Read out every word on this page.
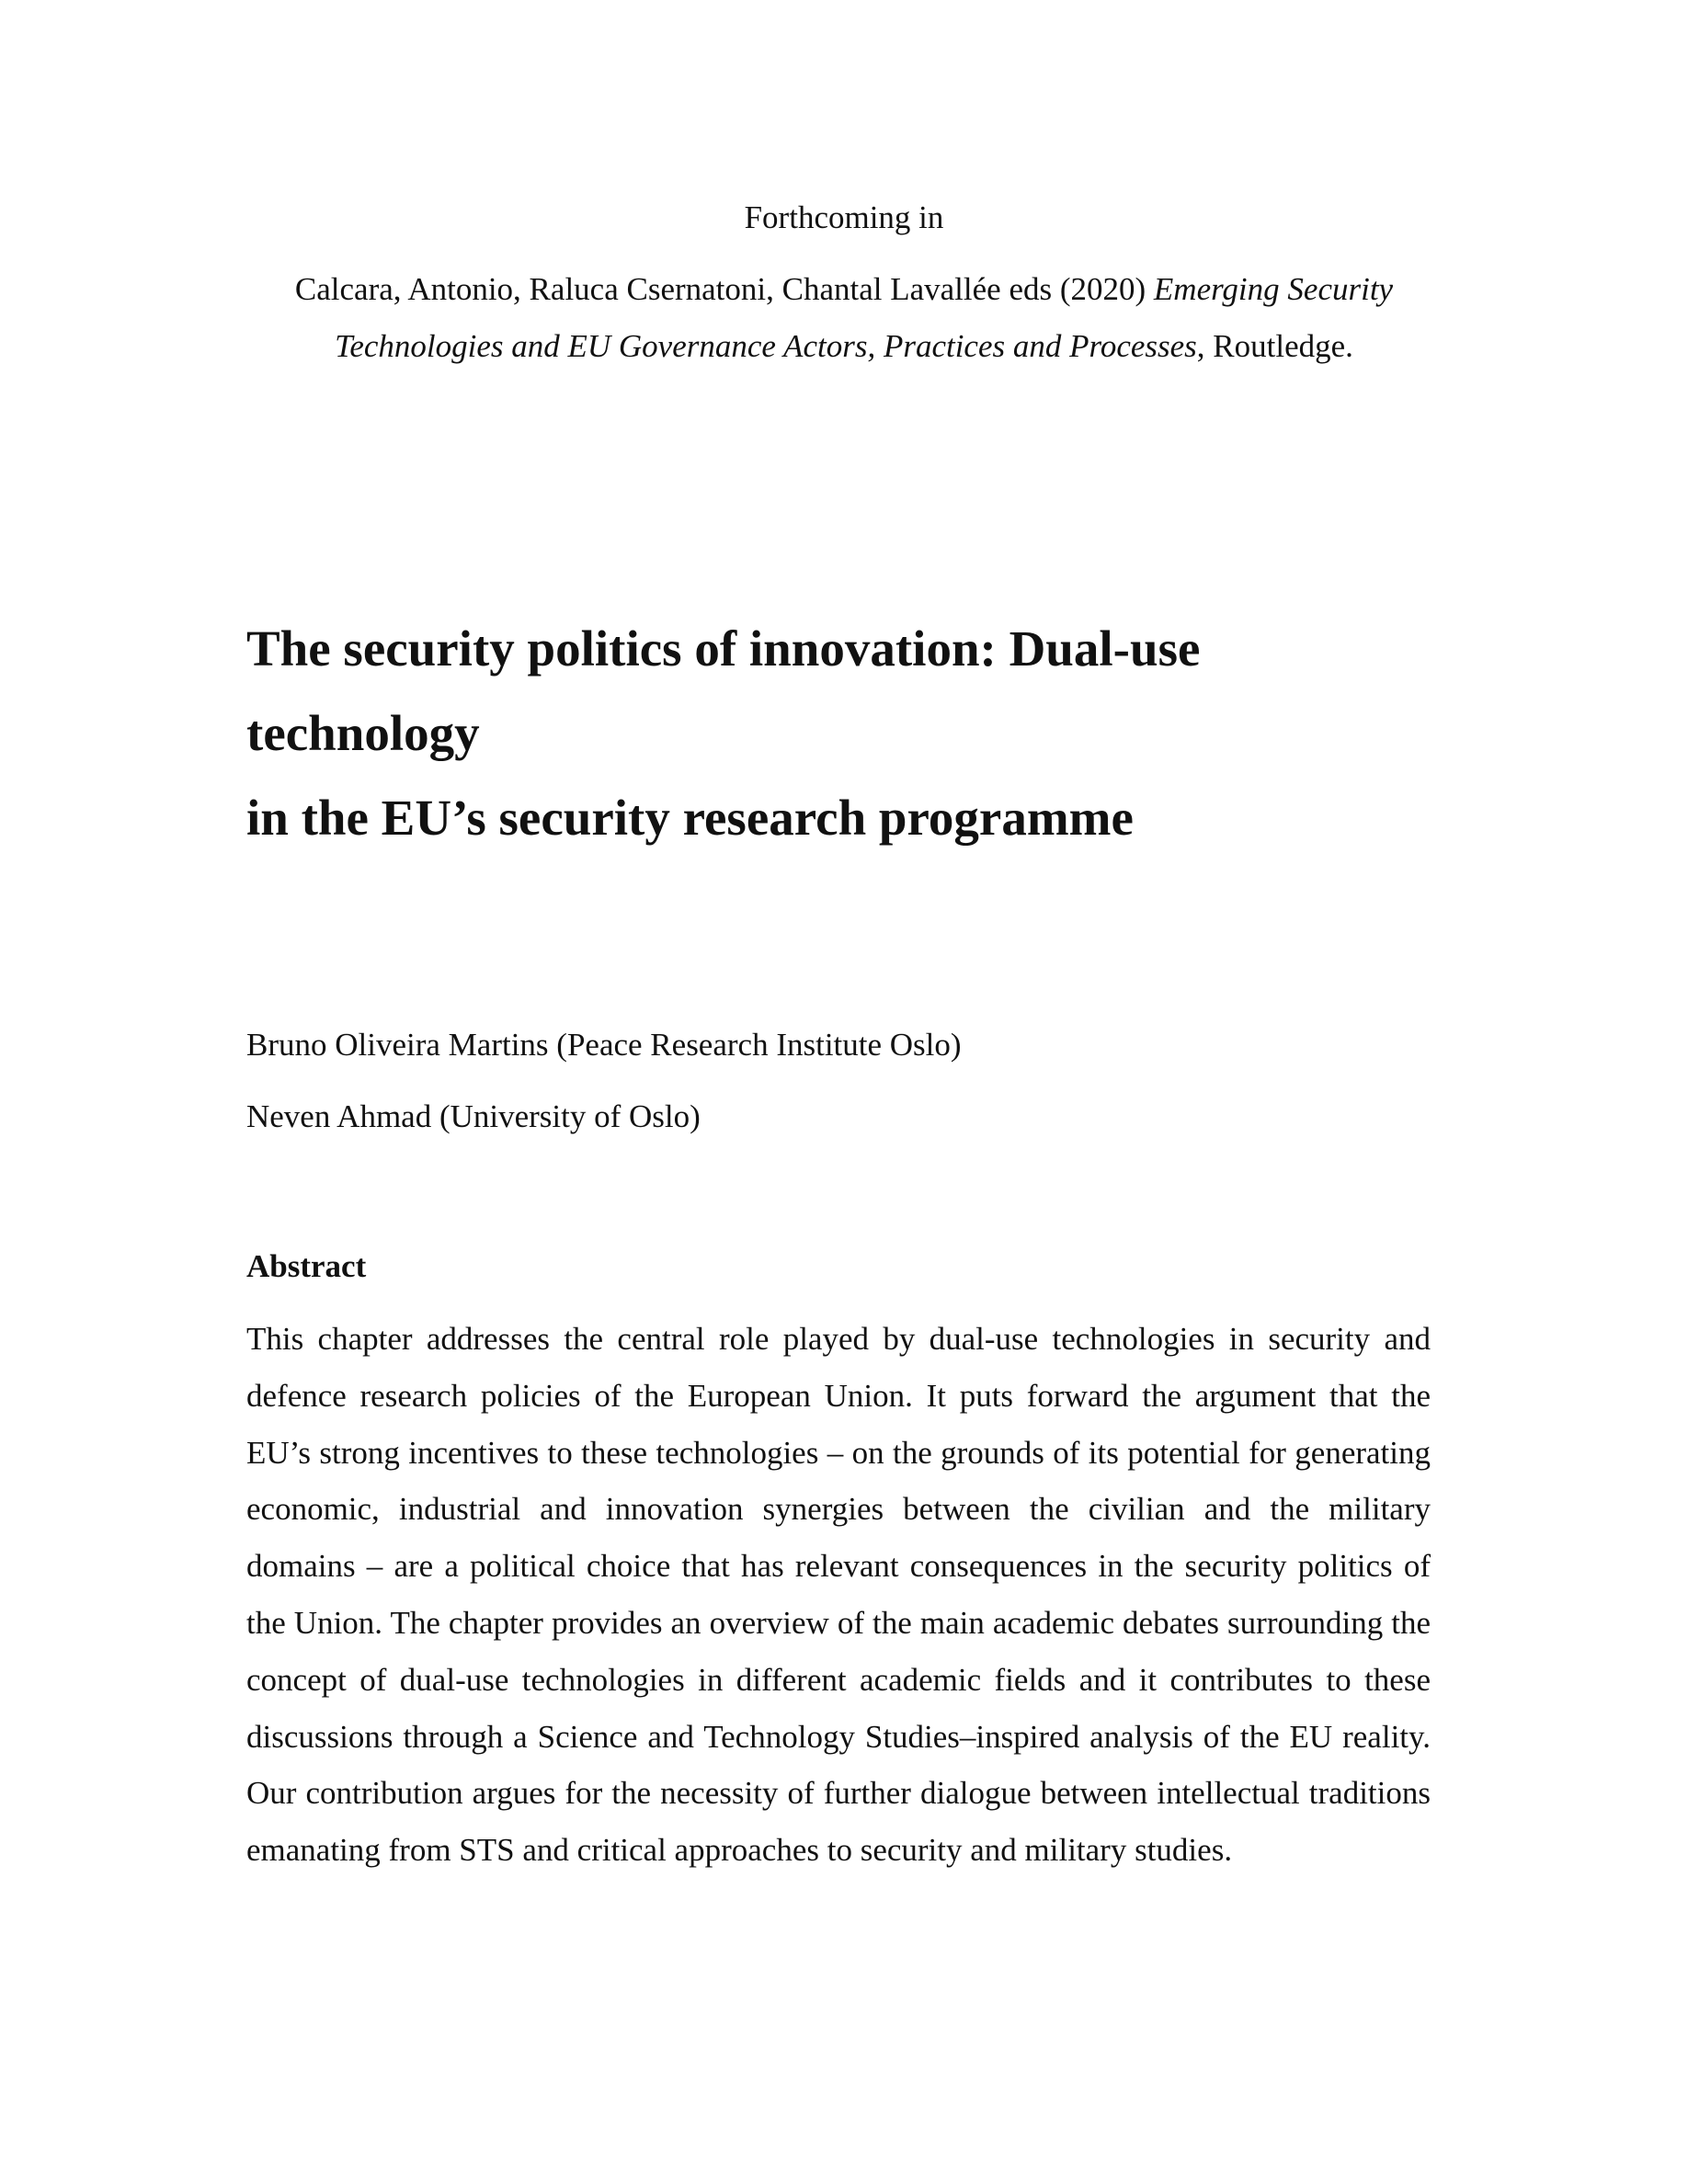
Forthcoming in
Calcara, Antonio, Raluca Csernatoni, Chantal Lavallée eds (2020) Emerging Security
Technologies and EU Governance Actors, Practices and Processes, Routledge.
The security politics of innovation: Dual-use technology
in the EU’s security research programme
Bruno Oliveira Martins (Peace Research Institute Oslo)
Neven Ahmad (University of Oslo)
Abstract

This chapter addresses the central role played by dual-use technologies in security and defence research policies of the European Union. It puts forward the argument that the EU’s strong incentives to these technologies – on the grounds of its potential for generating economic, industrial and innovation synergies between the civilian and the military domains – are a political choice that has relevant consequences in the security politics of the Union. The chapter provides an overview of the main academic debates surrounding the concept of dual-use technologies in different academic fields and it contributes to these discussions through a Science and Technology Studies–inspired analysis of the EU reality. Our contribution argues for the necessity of further dialogue between intellectual traditions emanating from STS and critical approaches to security and military studies.
